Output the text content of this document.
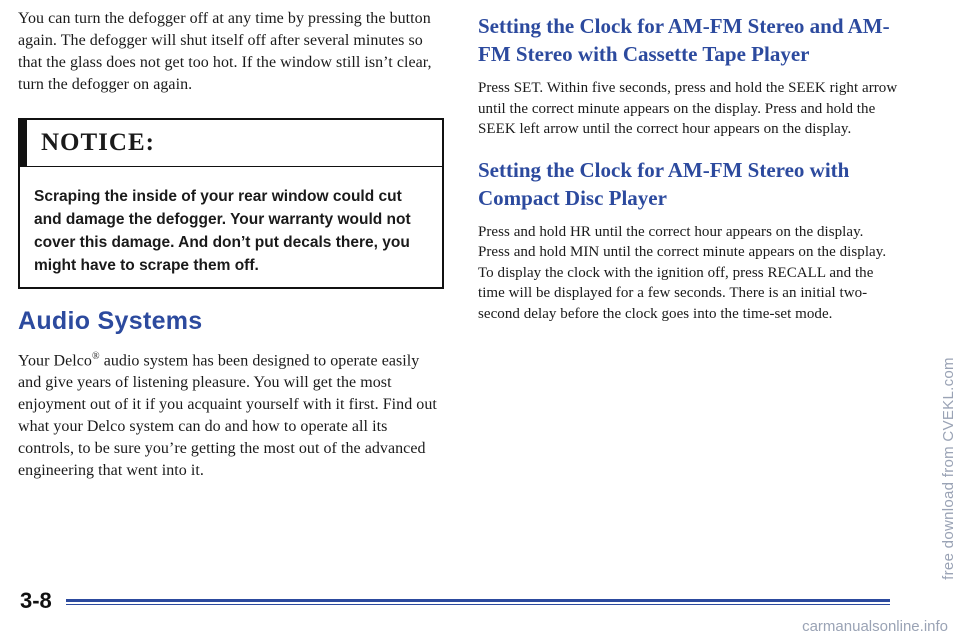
You can turn the defogger off at any time by pressing the button again. The defogger will shut itself off after several minutes so that the glass does not get too hot. If the window still isn’t clear, turn the defogger on again.

NOTICE:
Scraping the inside of your rear window could cut and damage the defogger. Your warranty would not cover this damage. And don’t put decals there, you might have to scrape them off.
Audio Systems

Your Delco® audio system has been designed to operate easily and give years of listening pleasure. You will get the most enjoyment out of it if you acquaint yourself with it first. Find out what your Delco system can do and how to operate all its controls, to be sure you’re getting the most out of the advanced engineering that went into it.

Setting the Clock for AM-FM Stereo and AM-FM Stereo with Cassette Tape Player

Press SET. Within five seconds, press and hold the SEEK right arrow until the correct minute appears on the display. Press and hold the SEEK left arrow until the correct hour appears on the display.

Setting the Clock for AM-FM Stereo with Compact Disc Player

Press and hold HR until the correct hour appears on the display. Press and hold MIN until the correct minute appears on the display. To display the clock with the ignition off, press RECALL and the time will be displayed for a few seconds. There is an initial two-second delay before the clock goes into the time-set mode.

3-8
free download from CVEKL.com
carmanualsonline.info
